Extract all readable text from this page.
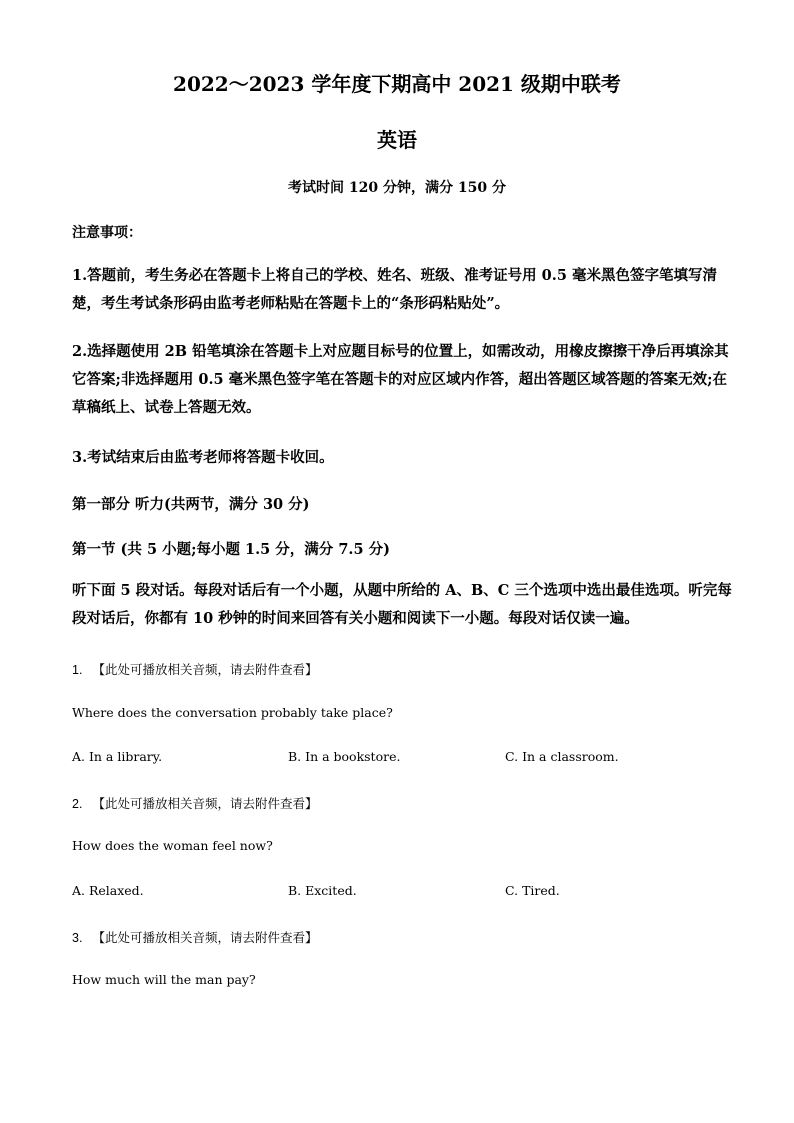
2022～2023 学年度下期高中 2021 级期中联考
英语
考试时间 120 分钟，满分 150 分
注意事项：
1.答题前，考生务必在答题卡上将自己的学校、姓名、班级、准考证号用 0.5 毫米黑色签字笔填写清楚，考生考试条形码由监考老师粘贴在答题卡上的“条形码粘贴处”。
2.选择题使用 2B 铅笔填涂在答题卡上对应题目标号的位置上，如需改动，用橡皮擦擦干净后再填涂其它答案;非选择题用 0.5 毫米黑色签字笔在答题卡的对应区域内作答，超出答题区域答题的答案无效;在草稿纸上、试卷上答题无效。
3.考试结束后由监考老师将答题卡收回。
第一部分 听力(共两节，满分 30 分)
第一节 (共 5 小题;每小题 1.5 分，满分 7.5 分)
听下面 5 段对话。每段对话后有一个小题，从题中所给的 A、B、C 三个选项中选出最佳选项。听完每段对话后，你都有 10 秒钟的时间来回答有关小题和阅读下一小题。每段对话仅读一遍。
1. 【此处可播放相关音频，请去附件查看】
Where does the conversation probably take place?
A. In a library.	B. In a bookstore.	C. In a classroom.
2. 【此处可播放相关音频，请去附件查看】
How does the woman feel now?
A. Relaxed.	B. Excited.	C. Tired.
3. 【此处可播放相关音频，请去附件查看】
How much will the man pay?
